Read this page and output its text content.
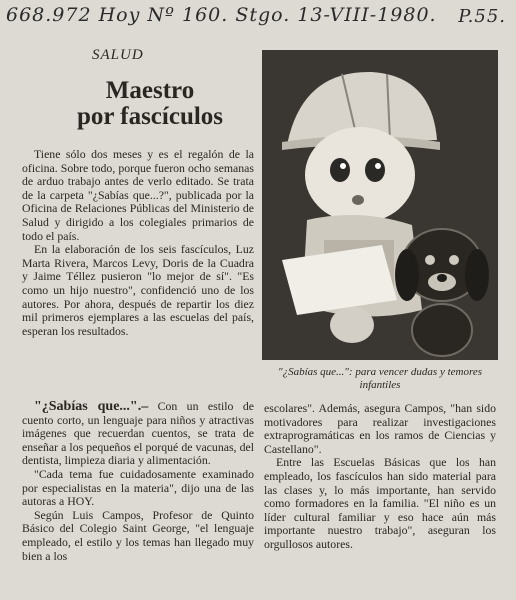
668.972 Hoy Nº 160. Stgo. 13-VIII-1980. P.55.
SALUD
Maestro
por fascículos

Tiene sólo dos meses y es el regalón de la oficina. Sobre todo, porque fueron ocho semanas de arduo trabajo antes de verlo editado. Se trata de la carpeta "¿Sabías que...?", publicada por la Oficina de Relaciones Públicas del Ministerio de Salud y dirigido a los colegiales primarios de todo el país.

En la elaboración de los seis fascículos, Luz Marta Rivera, Marcos Levy, Doris de la Cuadra y Jaime Téllez pusieron "lo mejor de sí". "Es como un hijo nuestro", confidenció uno de los autores. Por ahora, después de repartir los diez mil primeros ejemplares a las escuelas del país, esperan los resultados.

"¿Sabías que...".– Con un estilo de cuento corto, un lenguaje para niños y atractivas imágenes que recuerdan cuentos, se trata de enseñar a los pequeños el porqué de vacunas, del dentista, limpieza diaria y alimentación.

"Cada tema fue cuidadosamente examinado por especialistas en la materia", dijo una de las autoras a HOY.

Según Luis Campos, Profesor de Quinto Básico del Colegio Saint George, "el lenguaje empleado, el estilo y los temas han llegado muy bien a los

escolares". Además, asegura Campos, "han sido motivadores para realizar investigaciones extraprogramáticas en los ramos de Ciencias y Castellano".

Entre las Escuelas Básicas que los han empleado, los fascículos han sido material para las clases y, lo más importante, han servido como formadores en la familia. "El niño es un líder cultural familiar y eso hace aún más importante nuestro trabajo", aseguran los orgullosos autores.

"¿Sabías que...": para vencer dudas y temores infantiles
